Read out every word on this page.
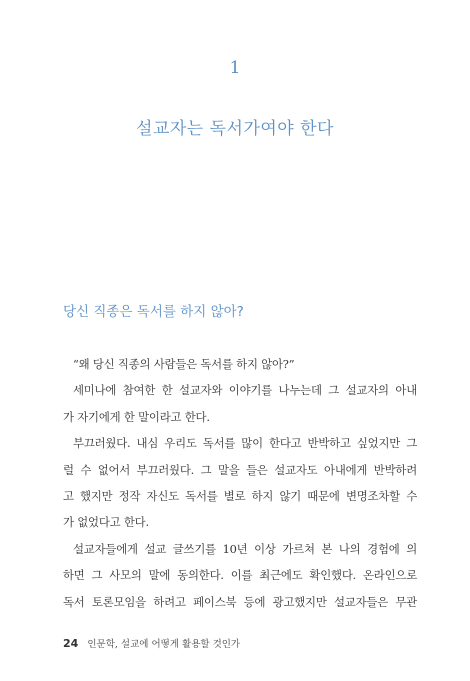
1
설교자는 독서가여야 한다
당신 직종은 독서를 하지 않아?
“왜 당신 직종의 사람들은 독서를 하지 않아?”
세미나에 참여한 한 설교자와 이야기를 나누는데 그 설교자의 아내
가 자기에게 한 말이라고 한다.
부끄러웠다. 내심 우리도 독서를 많이 한다고 반박하고 싶었지만 그
럴 수 없어서 부끄러웠다. 그 말을 들은 설교자도 아내에게 반박하려
고 했지만 정작 자신도 독서를 별로 하지 않기 때문에 변명조차할 수
가 없었다고 한다.
설교자들에게 설교 글쓰기를 10년 이상 가르쳐 본 나의 경험에 의
하면 그 사모의 말에 동의한다. 이를 최근에도 확인했다. 온라인으로
독서 토론모임을 하려고 페이스북 등에 광고했지만 설교자들은 무관
24 인문학, 설교에 어떻게 활용할 것인가
